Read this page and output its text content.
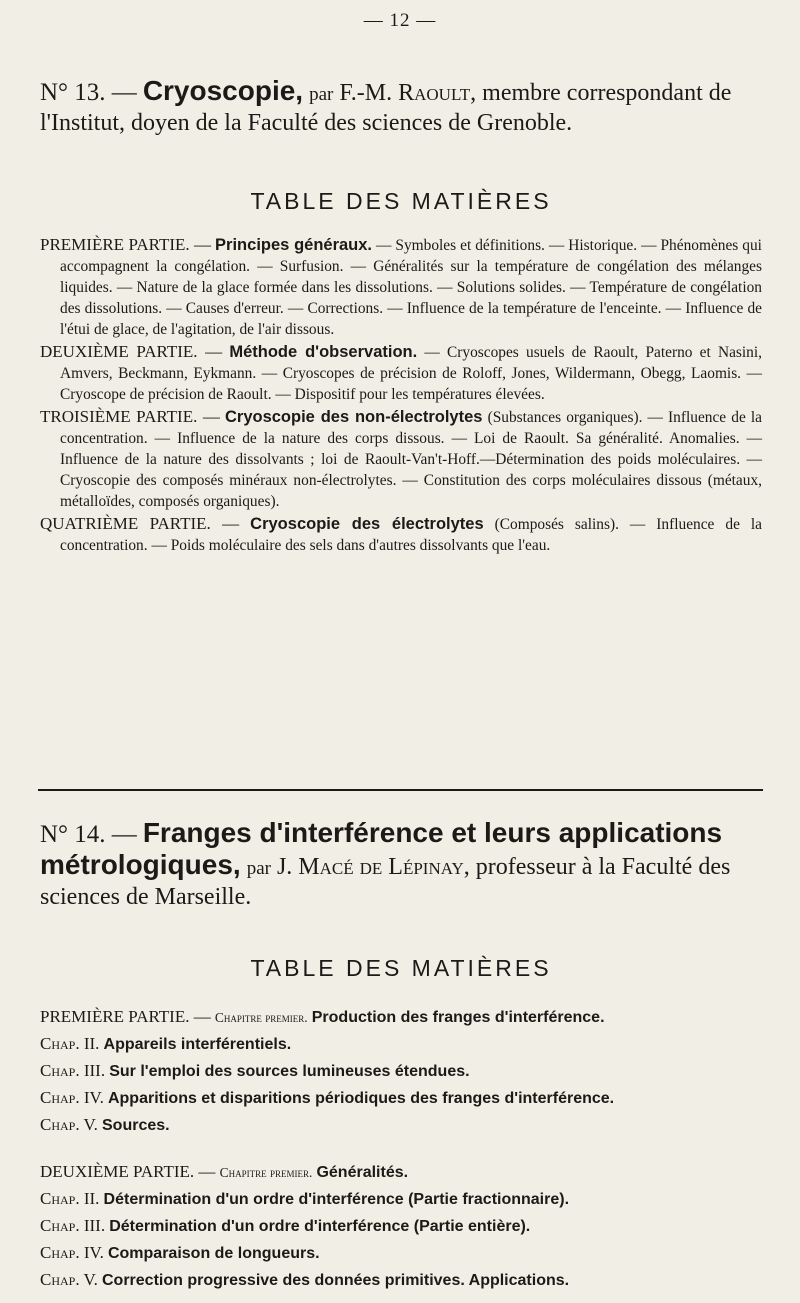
— 12 —

N° 13. — Cryoscopie, par F.-M. Raoult, membre correspondant de l'Institut, doyen de la Faculté des sciences de Grenoble.

TABLE DES MATIÈRES

PREMIÈRE PARTIE. — Principes généraux. — Symboles et définitions. — Historique. — Phénomènes qui accompagnent la congélation. — Surfusion. — Généralités sur la température de congélation des mélanges liquides. — Nature de la glace formée dans les dissolutions. — Solutions solides. — Température de congélation des dissolutions. — Causes d'erreur. — Corrections. — Influence de la température de l'enceinte. — Influence de l'étui de glace, de l'agitation, de l'air dissous.

DEUXIÈME PARTIE. — Méthode d'observation. — Cryoscopes usuels de Raoult, Paterno et Nasini, Amvers, Beckmann, Eykmann. — Cryoscopes de précision de Roloff, Jones, Wildermann, Obegg, Laomis. — Cryoscope de précision de Raoult. — Dispositif pour les températures élevées.

TROISIÈME PARTIE. — Cryoscopie des non-électrolytes (Substances organiques). — Influence de la concentration. — Influence de la nature des corps dissous. — Loi de Raoult. Sa généralité. Anomalies. — Influence de la nature des dissolvants ; loi de Raoult-Van't-Hoff.—Détermination des poids moléculaires. — Cryoscopie des composés minéraux non-électrolytes. — Constitution des corps moléculaires dissous (métaux, métalloïdes, composés organiques).

QUATRIÈME PARTIE. — Cryoscopie des électrolytes (Composés salins). — Influence de la concentration. — Poids moléculaire des sels dans d'autres dissolvants que l'eau.

N° 14. — Franges d'interférence et leurs applications métrologiques, par J. Macé de Lépinay, professeur à la Faculté des sciences de Marseille.

TABLE DES MATIÈRES

PREMIÈRE PARTIE. — Chapitre premier. Production des franges d'interférence.

Chap. II. Appareils interférentiels.

Chap. III. Sur l'emploi des sources lumineuses étendues.

Chap. IV. Apparitions et disparitions périodiques des franges d'interférence.

Chap. V. Sources.

DEUXIÈME PARTIE. — Chapitre premier. Généralités.

Chap. II. Détermination d'un ordre d'interférence (Partie fractionnaire).

Chap. III. Détermination d'un ordre d'interférence (Partie entière).

Chap. IV. Comparaison de longueurs.

Chap. V. Correction progressive des données primitives. Applications.
